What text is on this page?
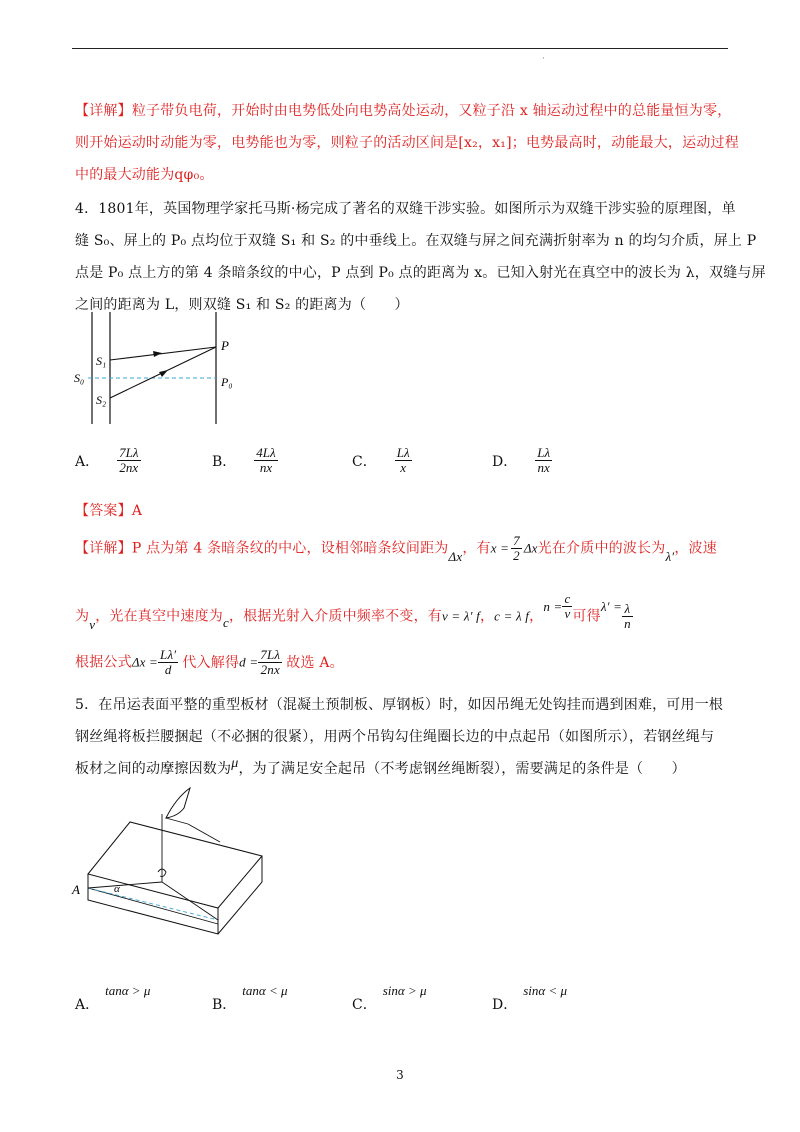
·
【详解】粒子带负电荷，开始时由电势低处向电势高处运动，又粒子沿 x 轴运动过程中的总能量恒为零，
则开始运动时动能为零，电势能也为零，则粒子的活动区间是[x₂，x₁]；电势最高时，动能最大，运动过程
中的最大动能为qφ₀。
4．1801年，英国物理学家托马斯·杨完成了著名的双缝干涉实验。如图所示为双缝干涉实验的原理图，单
缝 S₀、屏上的 P₀ 点均位于双缝 S₁ 和 S₂ 的中垂线上。在双缝与屏之间充满折射率为 n 的均匀介质，屏上 P
点是 P₀ 点上方的第 4 条暗条纹的中心，P 点到 P₀ 点的距离为 x。已知入射光在真空中的波长为 λ，双缝与屏
之间的距离为 L，则双缝 S₁ 和 S₂ 的距离为（　　）
S₁
S₀
S₂
P
P₀
A． $\frac{7L\lambda}{2nx}$	B． $\frac{4L\lambda}{nx}$	C． $\frac{L\lambda}{x}$	D． $\frac{L\lambda}{nx}$
【答案】A
【详解】P 点为第 4 条暗条纹的中心，设相邻暗条纹间距为Δx，有$x = \frac{7}{2}$ Δx光在介质中的波长为λ′，波速
为v，光在真空中速度为c，根据光射入介质中频率不变，有v = λ′ f，c = λ f，$n = \frac{c}{v}$ 可得$\lambda' = \frac{\lambda}{n}$
根据公式$\Delta x = \frac{L\lambda'}{d}$ 代入解得$d = \frac{7L\lambda}{2nx}$ 故选 A。
5．在吊运表面平整的重型板材（混凝土预制板、厚钢板）时，如因吊绳无处钩挂而遇到困难，可用一根
钢丝绳将板拦腰捆起（不必捆的很紧），用两个吊钩勾住绳圈长边的中点起吊（如图所示），若钢丝绳与
板材之间的动摩擦因数为μ，为了满足安全起吊（不考虑钢丝绳断裂），需要满足的条件是（　　）
A	α
A．tanα > μ
B．tanα < μ
C．sinα > μ
D．sinα < μ
3
